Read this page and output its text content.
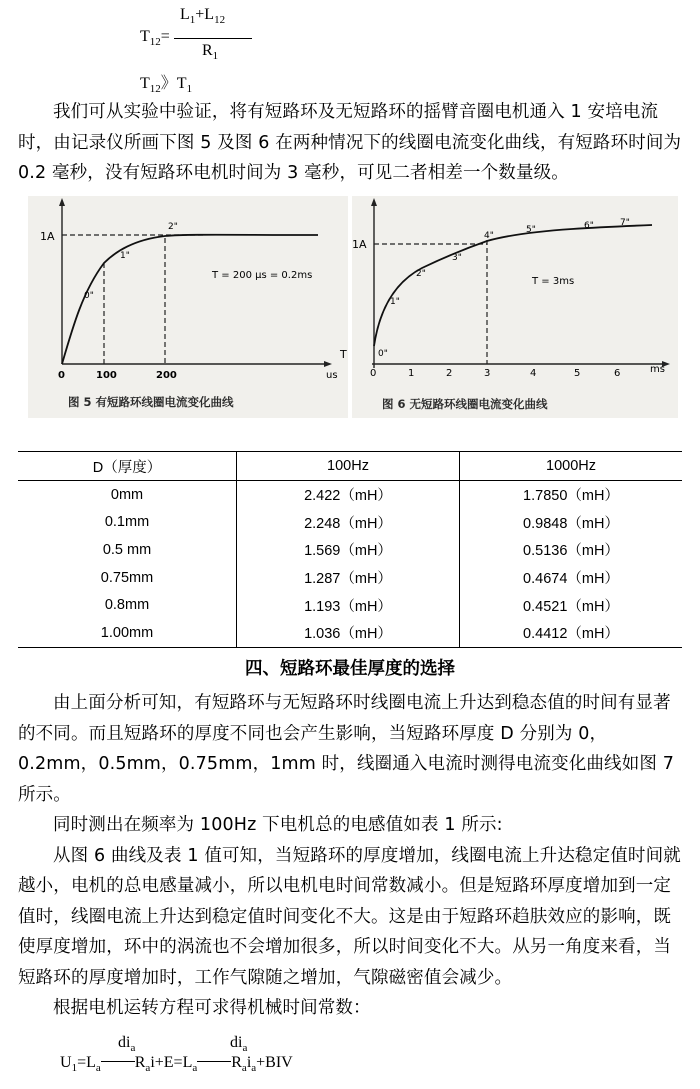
$T_{12}=$
$L_1+L_{12}$
$R_1$
$T_{12}$》$T_1$

我们可从实验中验证，将有短路环及无短路环的摇臂音圈电机通入 1 安培电流时，由记录仪所画下图 5 及图 6 在两种情况下的线圈电流变化曲线，有短路环时间为 0.2 毫秒，没有短路环电机时间为 3 毫秒，可见二者相差一个数量级。

1A
T
us
0	100	200
T = 200 μs = 0.2ms
0"
1"
2"
图 5 有短路环线圈电流变化曲线
1A
ms
0	1	2	3	4	5	6
T = 3ms
0"
1"
2"
3"
4"
5"	6"	7"
图 6 无短路环线圈电流变化曲线
D（厚度）	100Hz	1000Hz
0mm	2.422（mH）	1.7850（mH）
0.1mm	2.248（mH）	0.9848（mH）
0.5 mm	1.569（mH）	0.5136（mH）
0.75mm	1.287（mH）	0.4674（mH）
0.8mm	1.193（mH）	0.4521（mH）
1.00mm	1.036（mH）	0.4412（mH）
四、短路环最佳厚度的选择

由上面分析可知，有短路环与无短路环时线圈电流上升达到稳态值的时间有显著的不同。而且短路环的厚度不同也会产生影响，当短路环厚度 D 分别为 0，0.2mm，0.5mm，0.75mm，1mm 时，线圈通入电流时测得电流变化曲线如图 7 所示。

同时测出在频率为 100Hz 下电机总的电感值如表 1 所示:

从图 6 曲线及表 1 值可知，当短路环的厚度增加，线圈电流上升达稳定值时间就越小，电机的总电感量减小，所以电机电时间常数减小。但是短路环厚度增加到一定值时，线圈电流上升达到稳定值时间变化不大。这是由于短路环趋肤效应的影响，既使厚度增加，环中的涡流也不会增加很多，所以时间变化不大。从另一角度来看，当短路环的厚度增加时，工作气隙随之增加，气隙磁密值会减少。

根据电机运转方程可求得机械时间常数：

$di_a$	$di_a$
$U_1=L_a$ $R_ai+E=L_a$ $R_ai_a+BIV$
